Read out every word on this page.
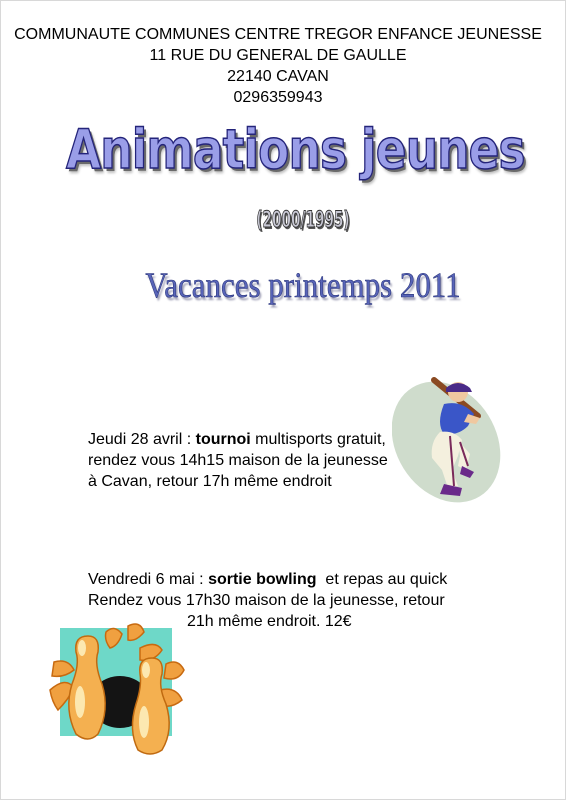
COMMUNAUTE COMMUNES CENTRE TREGOR ENFANCE JEUNESSE
11 RUE DU GENERAL DE GAULLE
22140 CAVAN
0296359943
Animations jeunes
(2000/1995)
Vacances printemps 2011
Jeudi 28 avril : tournoi multisports gratuit, rendez vous 14h15 maison de la jeunesse à Cavan, retour 17h même endroit
Vendredi 6 mai : sortie bowling  et repas au quick
Rendez vous 17h30 maison de la jeunesse, retour
21h même endroit. 12€
